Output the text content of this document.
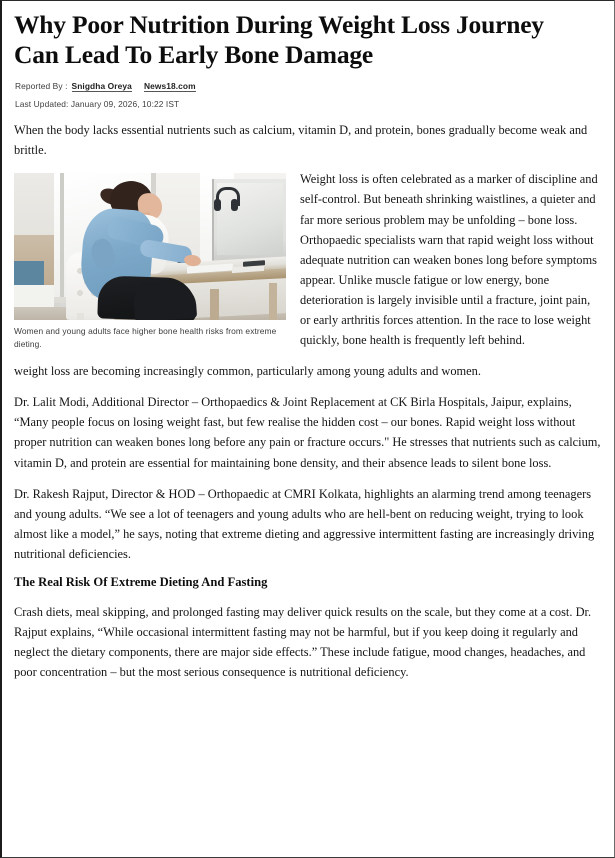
Why Poor Nutrition During Weight Loss Journey Can Lead To Early Bone Damage
Reported By : Snigdha Oreya News18.com
Last Updated: January 09, 2026, 10:22 IST

When the body lacks essential nutrients such as calcium, vitamin D, and protein, bones gradually become weak and brittle.

Women and young adults face higher bone health risks from extreme dieting.

Weight loss is often celebrated as a marker of discipline and self-control. But beneath shrinking waistlines, a quieter and far more serious problem may be unfolding – bone loss. Orthopaedic specialists warn that rapid weight loss without adequate nutrition can weaken bones long before symptoms appear. Unlike muscle fatigue or low energy, bone deterioration is largely invisible until a fracture, joint pain, or early arthritis forces attention. In the race to lose weight quickly, bone health is frequently left behind.

weight loss are becoming increasingly common, particularly among young adults and women.

Dr. Lalit Modi, Additional Director – Orthopaedics & Joint Replacement at CK Birla Hospitals, Jaipur, explains, “Many people focus on losing weight fast, but few realise the hidden cost – our bones. Rapid weight loss without proper nutrition can weaken bones long before any pain or fracture occurs." He stresses that nutrients such as calcium, vitamin D, and protein are essential for maintaining bone density, and their absence leads to silent bone loss.

Dr. Rakesh Rajput, Director & HOD – Orthopaedic at CMRI Kolkata, highlights an alarming trend among teenagers and young adults. “We see a lot of teenagers and young adults who are hell-bent on reducing weight, trying to look almost like a model,” he says, noting that extreme dieting and aggressive intermittent fasting are increasingly driving nutritional deficiencies.

The Real Risk Of Extreme Dieting And Fasting

Crash diets, meal skipping, and prolonged fasting may deliver quick results on the scale, but they come at a cost. Dr. Rajput explains, “While occasional intermittent fasting may not be harmful, but if you keep doing it regularly and neglect the dietary components, there are major side effects.” These include fatigue, mood changes, headaches, and poor concentration – but the most serious consequence is nutritional deficiency.
